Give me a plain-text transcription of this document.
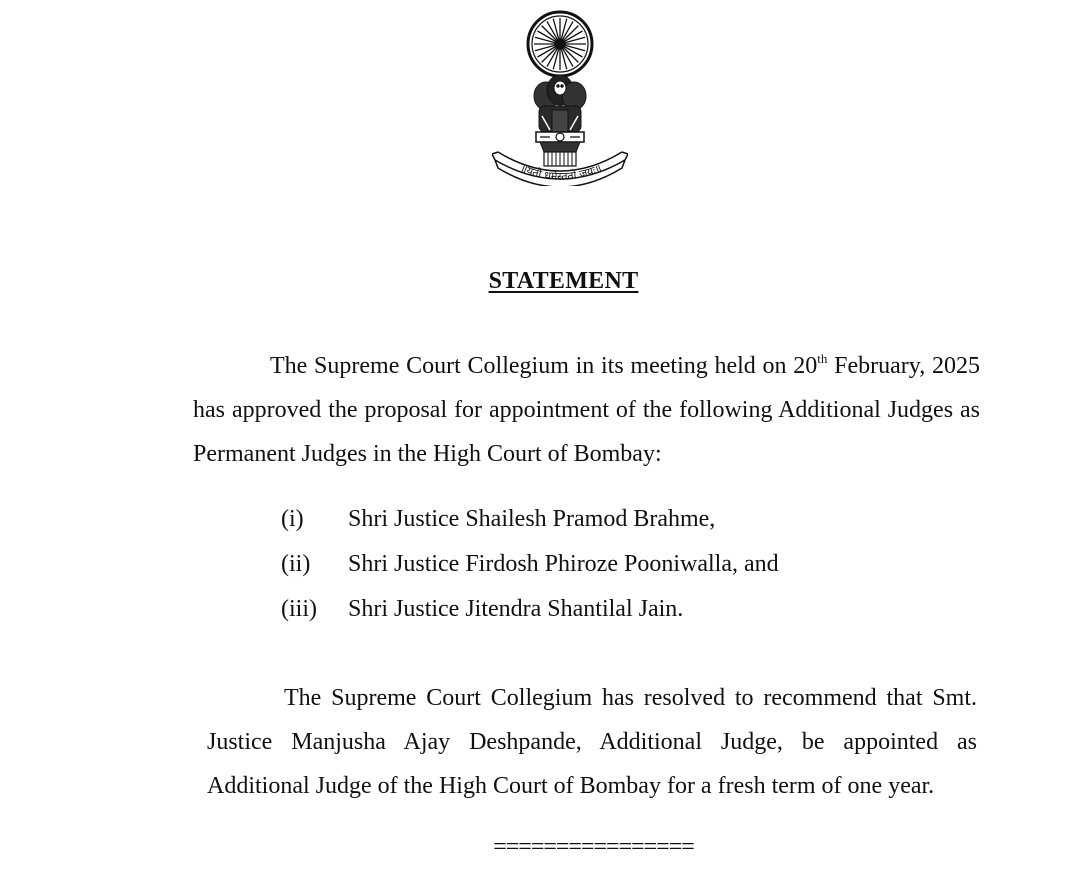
॥यतो धर्मस्ततो जयः॥
STATEMENT

The Supreme Court Collegium in its meeting held on 20th February, 2025 has approved the proposal for appointment of the following Additional Judges as Permanent Judges in the High Court of Bombay:

(i) Shri Justice Shailesh Pramod Brahme,
(ii) Shri Justice Firdosh Phiroze Pooniwalla, and
(iii) Shri Justice Jitendra Shantilal Jain.

The Supreme Court Collegium has resolved to recommend that Smt. Justice Manjusha Ajay Deshpande, Additional Judge, be appointed as Additional Judge of the High Court of Bombay for a fresh term of one year.

================
